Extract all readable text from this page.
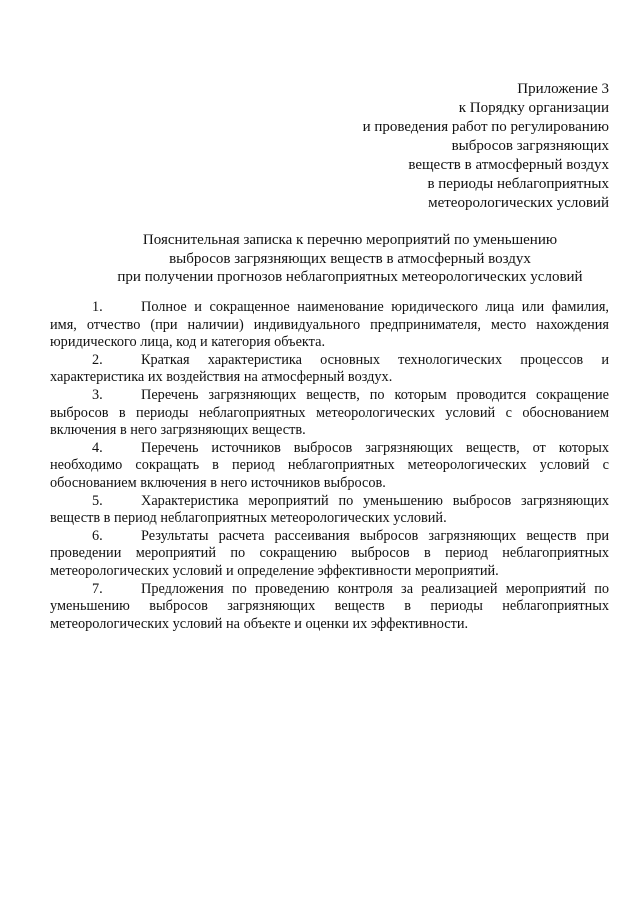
Приложение 3
к Порядку организации
и проведения работ по регулированию
выбросов загрязняющих
веществ в атмосферный воздух
в периоды неблагоприятных
метеорологических условий
Пояснительная записка к перечню мероприятий по уменьшению
выбросов загрязняющих веществ в атмосферный воздух
при получении прогнозов неблагоприятных метеорологических условий

1.	Полное и сокращенное наименование юридического лица или фамилия, имя, отчество (при наличии) индивидуального предпринимателя, место нахождения юридического лица, код и категория объекта.

2.	Краткая характеристика основных технологических процессов и характеристика их воздействия на атмосферный воздух.

3.	Перечень загрязняющих веществ, по которым проводится сокращение выбросов в периоды неблагоприятных метеорологических условий с обоснованием включения в него загрязняющих веществ.

4.	Перечень источников выбросов загрязняющих веществ, от которых необходимо сокращать в период неблагоприятных метеорологических условий с обоснованием включения в него источников выбросов.

5.	Характеристика мероприятий по уменьшению выбросов загрязняющих веществ в период неблагоприятных метеорологических условий.

6.	Результаты расчета рассеивания выбросов загрязняющих веществ при проведении мероприятий по сокращению выбросов в период неблагоприятных метеорологических условий и определение эффективности мероприятий.

7.	Предложения по проведению контроля за реализацией мероприятий по уменьшению выбросов загрязняющих веществ в периоды неблагоприятных метеорологических условий на объекте и оценки их эффективности.
